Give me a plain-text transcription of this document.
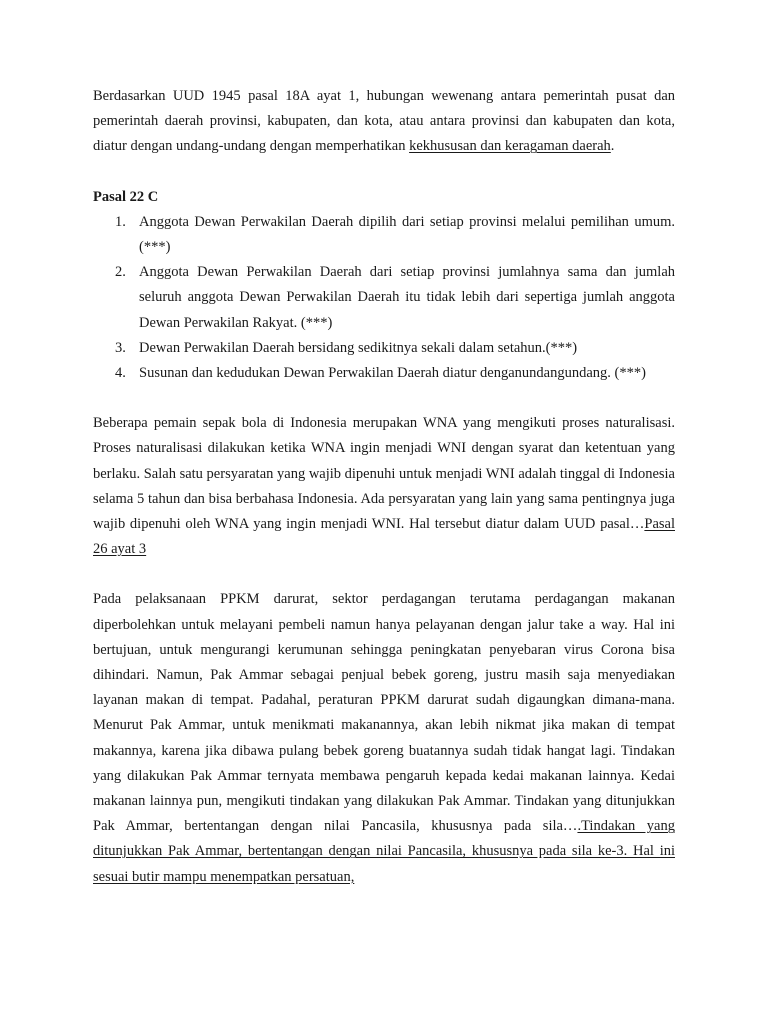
Berdasarkan UUD 1945 pasal 18A ayat 1, hubungan wewenang antara pemerintah pusat dan pemerintah daerah provinsi, kabupaten, dan kota, atau antara provinsi dan kabupaten dan kota, diatur dengan undang-undang dengan memperhatikan kekhususan dan keragaman daerah.

Pasal 22 C

1. Anggota Dewan Perwakilan Daerah dipilih dari setiap provinsi melalui pemilihan umum. (***)
2. Anggota Dewan Perwakilan Daerah dari setiap provinsi jumlahnya sama dan jumlah seluruh anggota Dewan Perwakilan Daerah itu tidak lebih dari sepertiga jumlah anggota Dewan Perwakilan Rakyat. (***)
3. Dewan Perwakilan Daerah bersidang sedikitnya sekali dalam setahun.(***)
4. Susunan dan kedudukan Dewan Perwakilan Daerah diatur denganundangundang. (***)

Beberapa pemain sepak bola di Indonesia merupakan WNA yang mengikuti proses naturalisasi. Proses naturalisasi dilakukan ketika WNA ingin menjadi WNI dengan syarat dan ketentuan yang berlaku. Salah satu persyaratan yang wajib dipenuhi untuk menjadi WNI adalah tinggal di Indonesia selama 5 tahun dan bisa berbahasa Indonesia. Ada persyaratan yang lain yang sama pentingnya juga wajib dipenuhi oleh WNA yang ingin menjadi WNI. Hal tersebut diatur dalam UUD pasal…Pasal 26 ayat 3

Pada pelaksanaan PPKM darurat, sektor perdagangan terutama perdagangan makanan diperbolehkan untuk melayani pembeli namun hanya pelayanan dengan jalur take a way. Hal ini bertujuan, untuk mengurangi kerumunan sehingga peningkatan penyebaran virus Corona bisa dihindari. Namun, Pak Ammar sebagai penjual bebek goreng, justru masih saja menyediakan layanan makan di tempat. Padahal, peraturan PPKM darurat sudah digaungkan dimana-mana. Menurut Pak Ammar, untuk menikmati makanannya, akan lebih nikmat jika makan di tempat makannya, karena jika dibawa pulang bebek goreng buatannya sudah tidak hangat lagi. Tindakan yang dilakukan Pak Ammar ternyata membawa pengaruh kepada kedai makanan lainnya. Kedai makanan lainnya pun, mengikuti tindakan yang dilakukan Pak Ammar. Tindakan yang ditunjukkan Pak Ammar, bertentangan dengan nilai Pancasila, khususnya pada sila….Tindakan yang ditunjukkan Pak Ammar, bertentangan dengan nilai Pancasila, khususnya pada sila ke-3. Hal ini sesuai butir mampu menempatkan persatuan,
